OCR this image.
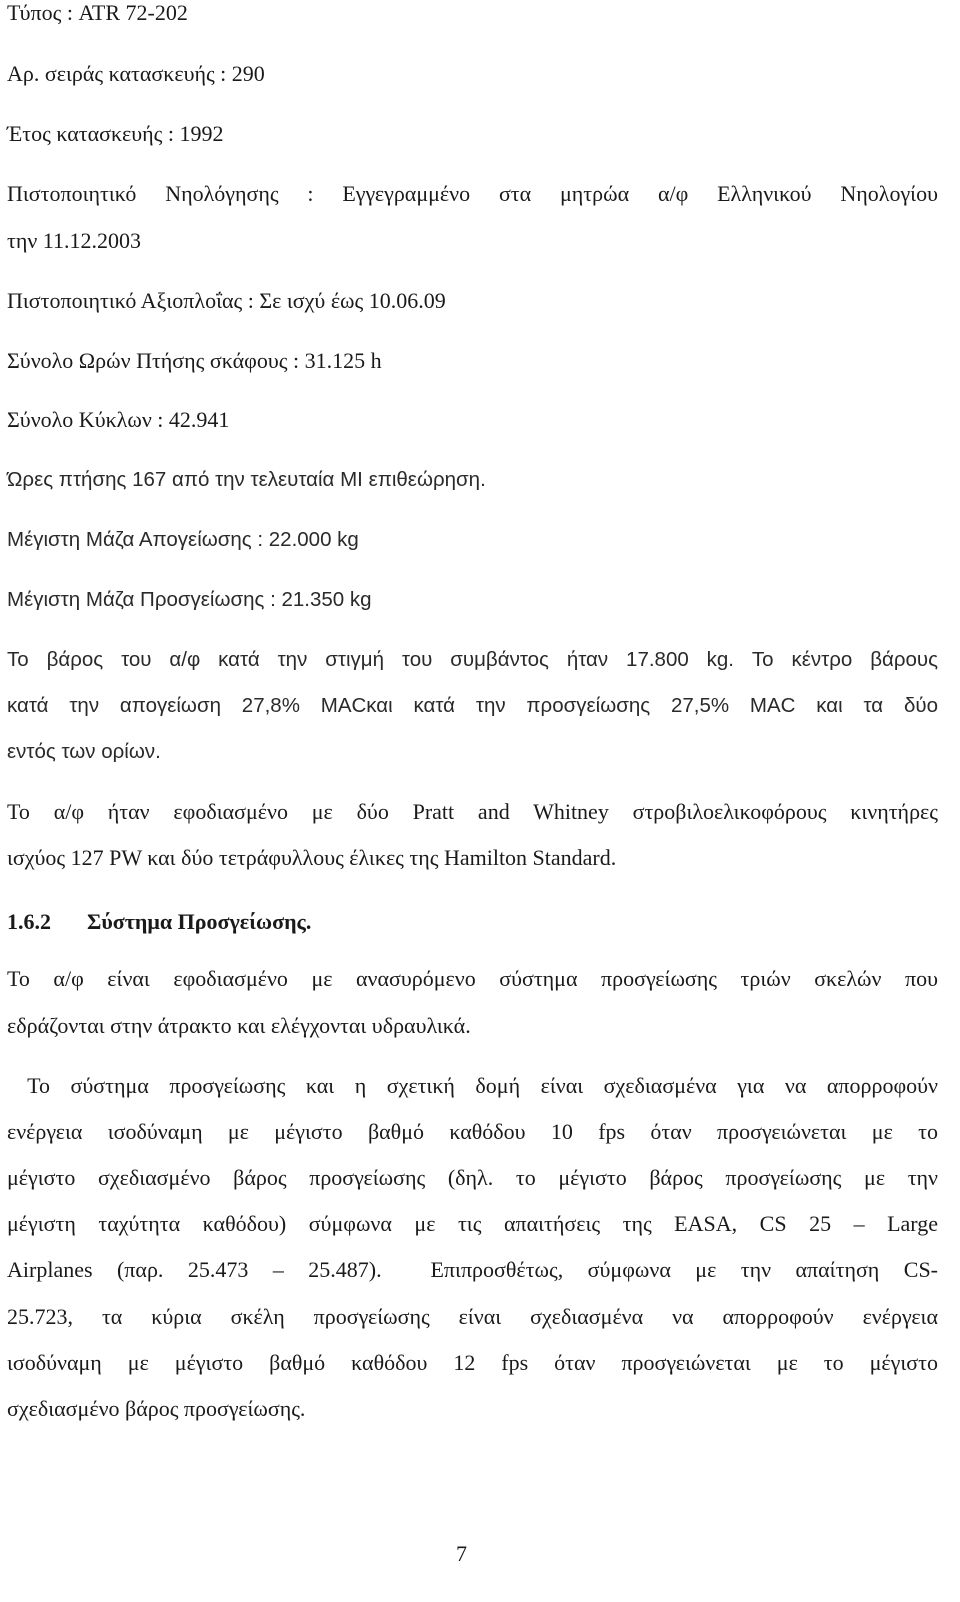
Τύπος : ATR 72-202
Αρ. σειράς κατασκευής : 290
Έτος κατασκευής : 1992
Πιστοποιητικό Νηολόγησης : Εγγεγραμμένο στα μητρώα α/φ Ελληνικού Νηολογίου
την 11.12.2003
Πιστοποιητικό Αξιοπλοΐας : Σε ισχύ έως 10.06.09
Σύνολο Ωρών Πτήσης σκάφους : 31.125 h
Σύνολο Κύκλων : 42.941
Ώρες πτήσης 167 από την τελευταία MI επιθεώρηση.
Μέγιστη Μάζα Απογείωσης : 22.000 kg
Μέγιστη Μάζα Προσγείωσης : 21.350 kg
Το βάρος του α/φ κατά την στιγμή του συμβάντος ήταν 17.800 kg. Το κέντρο βάρους
κατά την απογείωση 27,8% MACκαι κατά την προσγείωσης 27,5% MAC και τα δύο
εντός των ορίων.
Το α/φ ήταν εφοδιασμένο με δύο Pratt and Whitney στροβιλοελικοφόρους κινητήρες
ισχύος 127 PW και δύο τετράφυλλους έλικες της Hamilton Standard.
1.6.2 Σύστημα Προσγείωσης.
Το α/φ είναι εφοδιασμένο με ανασυρόμενο σύστημα προσγείωσης τριών σκελών που
εδράζονται στην άτρακτο και ελέγχονται υδραυλικά.
Το σύστημα προσγείωσης και η σχετική δομή είναι σχεδιασμένα για να απορροφούν
ενέργεια ισοδύναμη με μέγιστο βαθμό καθόδου 10 fps όταν προσγειώνεται με το
μέγιστο σχεδιασμένο βάρος προσγείωσης (δηλ. το μέγιστο βάρος προσγείωσης με την
μέγιστη ταχύτητα καθόδου) σύμφωνα με τις απαιτήσεις της EASA, CS 25 – Large
Airplanes (παρ. 25.473 – 25.487).  Επιπροσθέτως, σύμφωνα με την απαίτηση CS-
25.723, τα κύρια σκέλη προσγείωσης είναι σχεδιασμένα να απορροφούν ενέργεια
ισοδύναμη με μέγιστο βαθμό καθόδου 12 fps όταν προσγειώνεται με το μέγιστο
σχεδιασμένο βάρος προσγείωσης.
7
